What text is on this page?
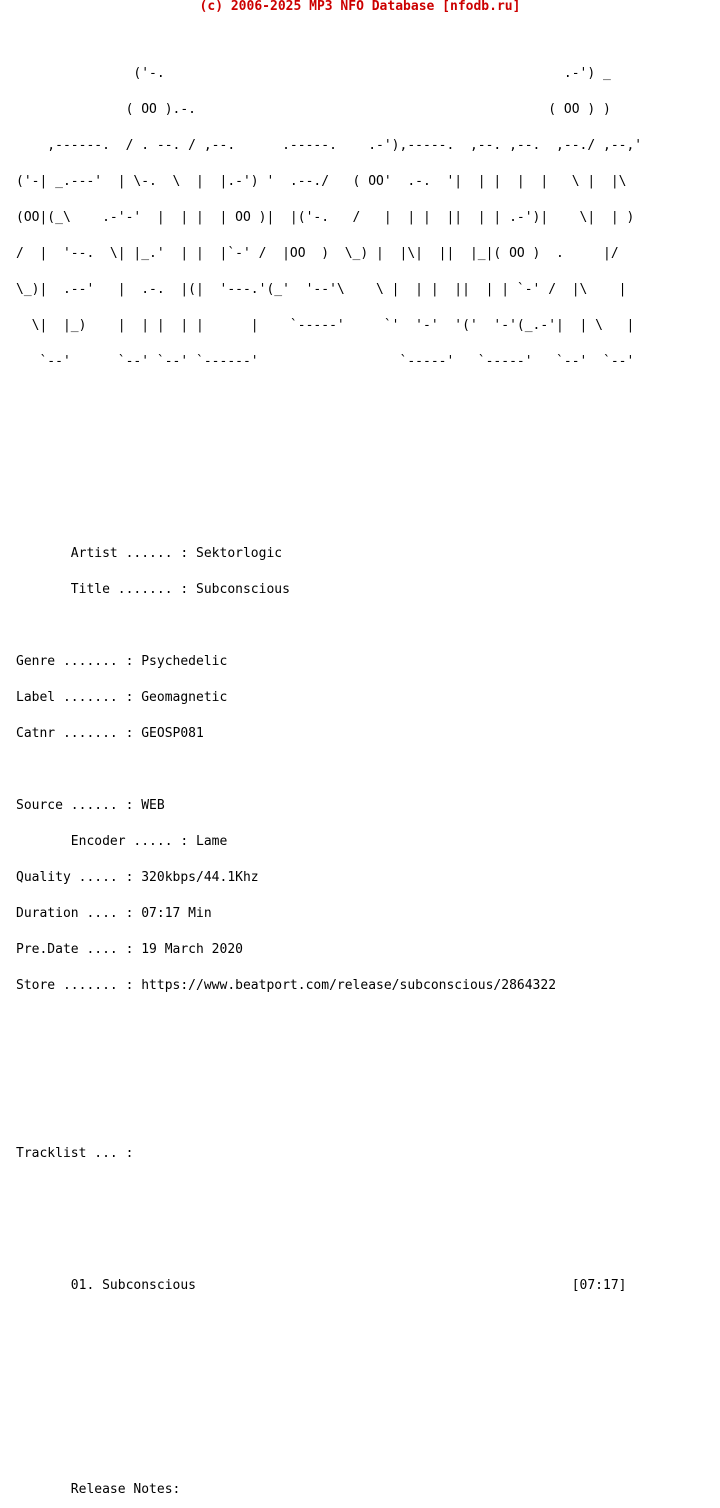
(c) 2006-2025 MP3 NFO Database [nfodb.ru]

('-.                                                   .-') _

( OO ).-.                                             ( OO ) )

,------.  / . --. / ,--.      .-----.    .-'),-----.  ,--. ,--.  ,--./ ,--,'

('-| _.---'  | \-.  \  |  |.-') '  .--./   ( OO'  .-.  '|  | |  |  |   \ |  |\

(OO|(_\    .-'-'  |  | |  | OO )|  |('-.   /   |  | |  ||  | | .-')|    \|  | )

/  |  '--.  \| |_.'  | |  |`-' /  |OO  )  \_) |  |\|  ||  |_|( OO )  .     |/

\_)|  .--'   |  .-.  |(|  '---.'(_'  '--'\    \ |  | |  ||  | | `-' /  |\    |

\|  |_)    |  | |  | |      |    `-----'     `'  '-'  '('  '-'(_.-'|  | \   |

`--'      `--' `--' `------'                  `-----'   `-----'   `--'  `--'

Artist ...... : Sektorlogic

Title ....... : Subconscious

Genre ....... : Psychedelic

Label ....... : Geomagnetic

Catnr ....... : GEOSP081

Source ...... : WEB

Encoder ..... : Lame

Quality ..... : 320kbps/44.1Khz

Duration .... : 07:17 Min

Pre.Date .... : 19 March 2020

Store ....... : https://www.beatport.com/release/subconscious/2864322

Tracklist ... :

01. Subconscious                                                [07:17]

Release Notes:
